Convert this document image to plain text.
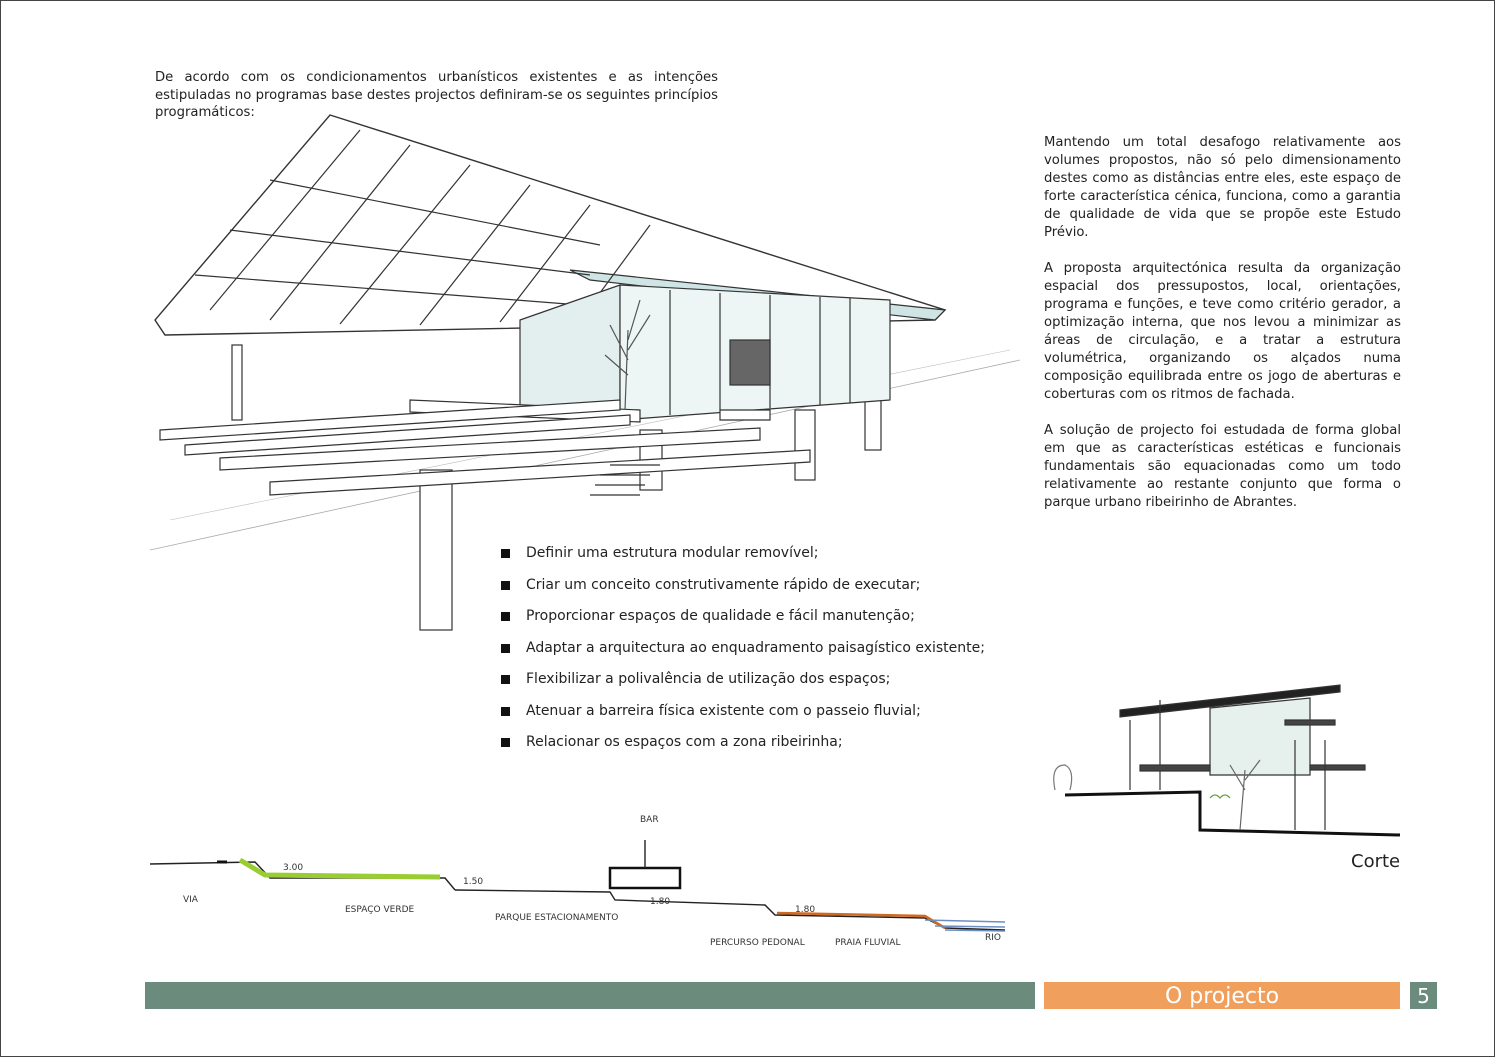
De acordo com os condicionamentos urbanísticos existentes e as intenções estipuladas no programas base destes projectos definiram-se os seguintes princípios programáticos:

Mantendo um total desafogo relativamente aos volumes propostos, não só pelo dimensionamento destes como as distâncias entre eles, este espaço de forte característica cénica, funciona, como a garantia de qualidade de vida que se propõe este Estudo Prévio.

A proposta arquitectónica resulta da organização espacial dos pressupostos, local, orientações, programa e funções, e teve como critério gerador, a optimização interna, que nos levou a minimizar as áreas de circulação, e a tratar a estrutura volumétrica, organizando os alçados numa composição equilibrada entre os jogo de aberturas e coberturas com os ritmos de fachada.

A solução de projecto foi estudada de forma global em que as características estéticas e funcionais fundamentais são equacionadas como um todo relativamente ao restante conjunto que forma o parque urbano ribeirinho de Abrantes.

Definir uma estrutura modular removível;
Criar um conceito construtivamente rápido de executar;
Proporcionar espaços de qualidade e fácil manutenção;
Adaptar a arquitectura ao enquadramento paisagístico existente;
Flexibilizar a polivalência de utilização dos espaços;
Atenuar a barreira física existente com o passeio fluvial;
Relacionar os espaços com a zona ribeirinha;
Corte
BAR
VIA
3.00
1.50
1.80
1.80
ESPAÇO VERDE
PARQUE ESTACIONAMENTO
PERCURSO PEDONAL	PRAIA FLUVIAL	RIO
O projecto	5
